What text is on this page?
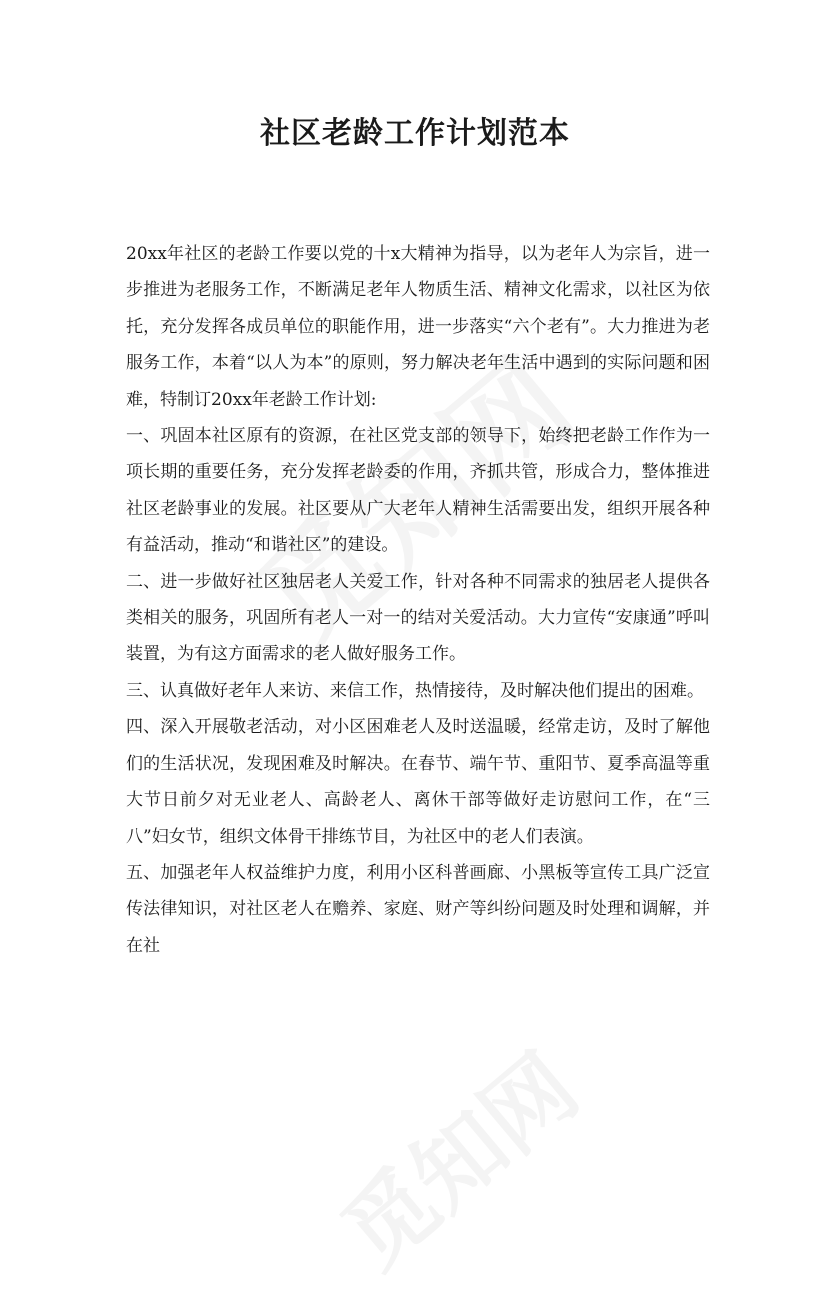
社区老龄工作计划范本

20xx年社区的老龄工作要以党的十x大精神为指导，以为老年人为宗旨，进一步推进为老服务工作，不断满足老年人物质生活、精神文化需求，以社区为依托，充分发挥各成员单位的职能作用，进一步落实“六个老有”。大力推进为老服务工作，本着“以人为本”的原则，努力解决老年生活中遇到的实际问题和困难，特制订20xx年老龄工作计划:

一、巩固本社区原有的资源，在社区党支部的领导下，始终把老龄工作作为一项长期的重要任务，充分发挥老龄委的作用，齐抓共管，形成合力，整体推进社区老龄事业的发展。社区要从广大老年人精神生活需要出发，组织开展各种有益活动，推动“和谐社区”的建设。

二、进一步做好社区独居老人关爱工作，针对各种不同需求的独居老人提供各类相关的服务，巩固所有老人一对一的结对关爱活动。大力宣传“安康通”呼叫装置，为有这方面需求的老人做好服务工作。

三、认真做好老年人来访、来信工作，热情接待，及时解决他们提出的困难。

四、深入开展敬老活动，对小区困难老人及时送温暖，经常走访，及时了解他们的生活状况，发现困难及时解决。在春节、端午节、重阳节、夏季高温等重大节日前夕对无业老人、高龄老人、离休干部等做好走访慰问工作，在“三八”妇女节，组织文体骨干排练节目，为社区中的老人们表演。

五、加强老年人权益维护力度，利用小区科普画廊、小黑板等宣传工具广泛宣传法律知识，对社区老人在赡养、家庭、财产等纠纷问题及时处理和调解，并在社
